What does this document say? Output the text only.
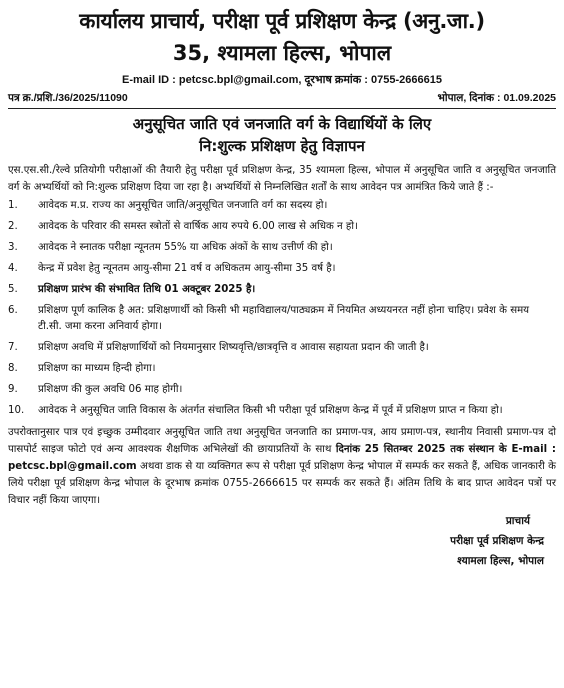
कार्यालय प्राचार्य, परीक्षा पूर्व प्रशिक्षण केन्द्र (अनु.जा.)
35, श्यामला हिल्स, भोपाल
E-mail ID : petcsc.bpl@gmail.com, दूरभाष क्रमांक : 0755-2666615
पत्र क्र./प्रशि./36/2025/11090	भोपाल, दिनांक : 01.09.2025
अनुसूचित जाति एवं जनजाति वर्ग के विद्यार्थियों के लिए
नि:शुल्क प्रशिक्षण हेतु विज्ञापन
एस.एस.सी./रेल्वे प्रतियोगी परीक्षाओं की तैयारी हेतु परीक्षा पूर्व प्रशिक्षण केन्द्र, 35 श्यामला हिल्स, भोपाल में अनुसूचित जाति व अनुसूचित जनजाति वर्ग के अभ्यर्थियों को नि:शुल्क प्रशिक्षण दिया जा रहा है। अभ्यर्थियों से निम्नलिखित शर्तों के साथ आवेदन पत्र आमंत्रित किये जाते हैं :-
1.	आवेदक म.प्र. राज्य का अनुसूचित जाति/अनुसूचित जनजाति वर्ग का सदस्य हो।
2.	आवेदक के परिवार की समस्त स्त्रोतों से वार्षिक आय रुपये 6.00 लाख से अधिक न हो।
3.	आवेदक ने स्नातक परीक्षा न्यूनतम 55% या अधिक अंकों के साथ उत्तीर्ण की हो।
4.	केन्द्र में प्रवेश हेतु न्यूनतम आयु-सीमा 21 वर्ष व अधिकतम आयु-सीमा 35 वर्ष है।
5.	प्रशिक्षण प्रारंभ की संभावित तिथि 01 अक्टूबर 2025 है।
6.	प्रशिक्षण पूर्ण कालिक है अत: प्रशिक्षणार्थी को किसी भी महाविद्यालय/पाठ्यक्रम में नियमित अध्ययनरत नहीं होना चाहिए। प्रवेश के समय टी.सी. जमा करना अनिवार्य होगा।
7.	प्रशिक्षण अवधि में प्रशिक्षणार्थियों को नियमानुसार शिष्यवृत्ति/छात्रवृत्ति व आवास सहायता प्रदान की जाती है।
8.	प्रशिक्षण का माध्यम हिन्दी होगा।
9.	प्रशिक्षण की कुल अवधि 06 माह होगी।
10.	आवेदक ने अनुसूचित जाति विकास के अंतर्गत संचालित किसी भी परीक्षा पूर्व प्रशिक्षण केन्द्र में पूर्व में प्रशिक्षण प्राप्त न किया हो।
उपरोक्तानुसार पात्र एवं इच्छुक उम्मीदवार अनुसूचित जाति तथा अनुसूचित जनजाति का प्रमाण-पत्र, आय प्रमाण-पत्र, स्थानीय निवासी प्रमाण-पत्र दो पासपोर्ट साइज फोटो एवं अन्य आवश्यक शैक्षणिक अभिलेखों की छायाप्रतियों के साथ दिनांक 25 सितम्बर 2025 तक संस्थान के E-mail : petcsc.bpl@gmail.com अथवा डाक से या व्यक्तिगत रूप से परीक्षा पूर्व प्रशिक्षण केन्द्र भोपाल में सम्पर्क कर सकते हैं, अधिक जानकारी के लिये परीक्षा पूर्व प्रशिक्षण केन्द्र भोपाल के दूरभाष क्रमांक 0755-2666615 पर सम्पर्क कर सकते हैं। अंतिम तिथि के बाद प्राप्त आवेदन पत्रों पर विचार नहीं किया जाएगा।
प्राचार्य
परीक्षा पूर्व प्रशिक्षण केन्द्र
श्यामला हिल्स, भोपाल
